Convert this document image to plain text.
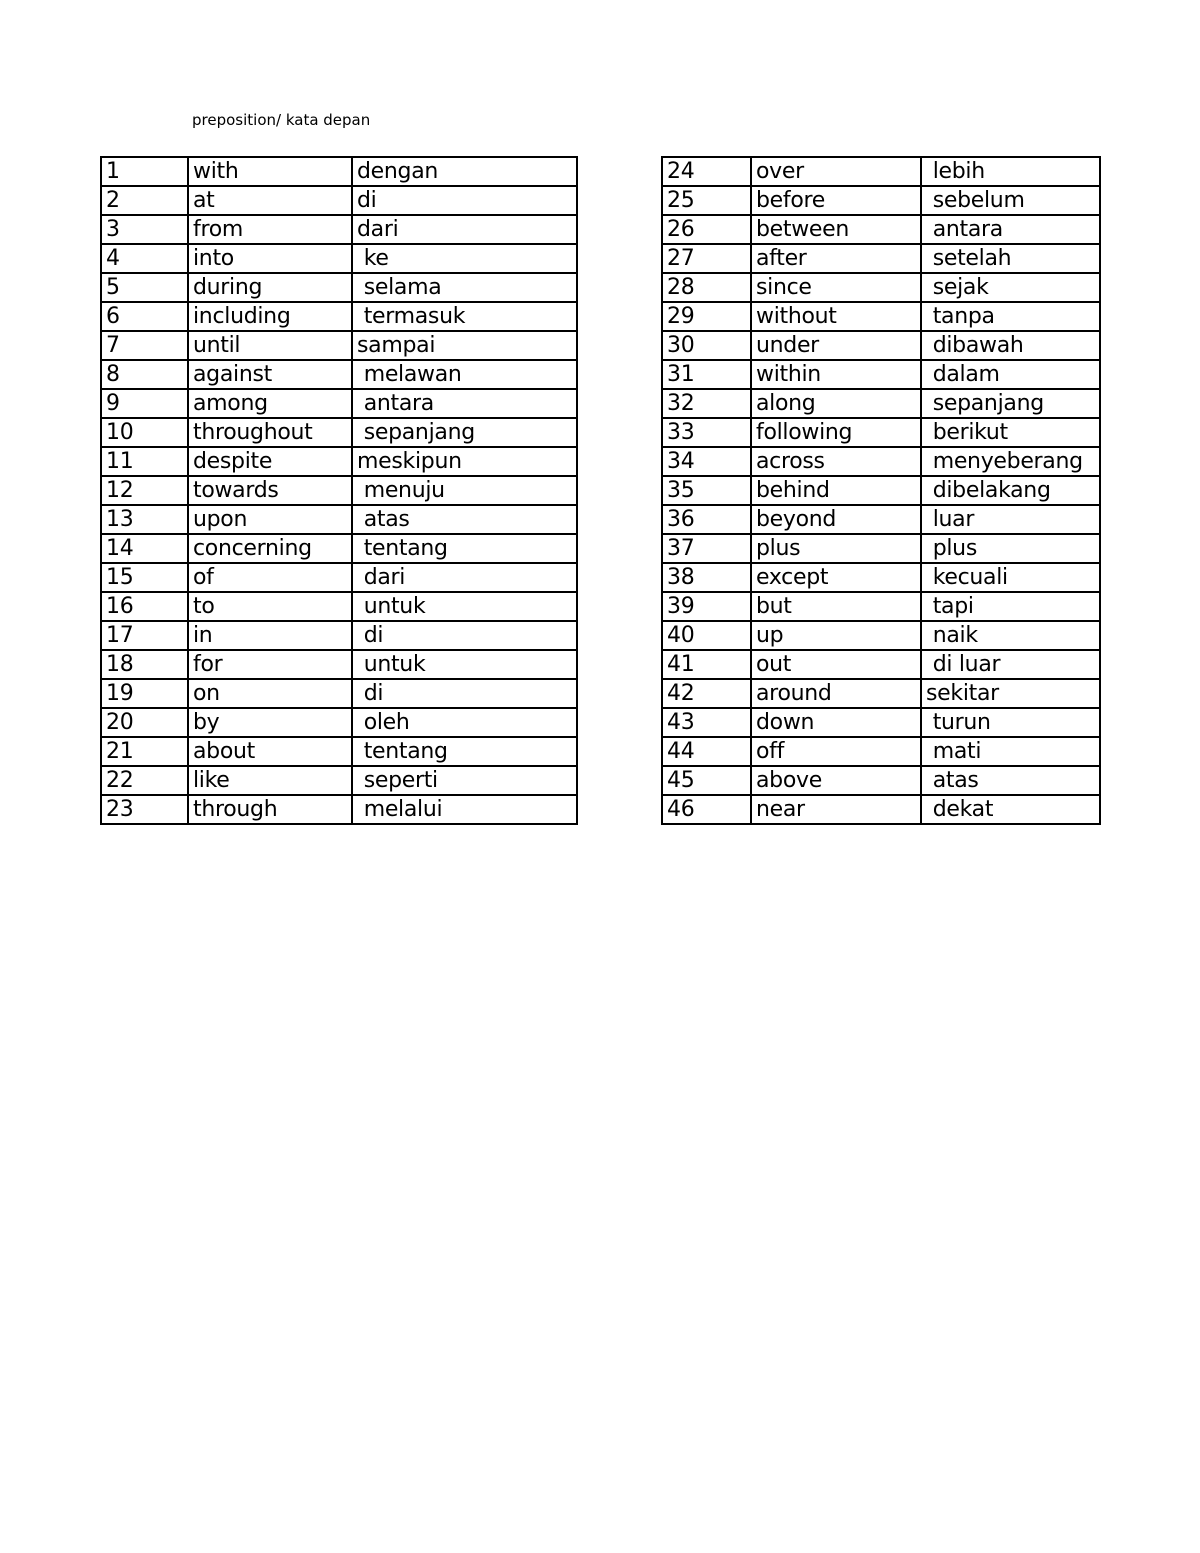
preposition/ kata depan
1	with	dengan
2	at	di
3	from	dari
4	into	ke
5	during	selama
6	including	termasuk
7	until	sampai
8	against	melawan
9	among	antara
10	throughout	sepanjang
11	despite	meskipun
12	towards	menuju
13	upon	atas
14	concerning	tentang
15	of	dari
16	to	untuk
17	in	di
18	for	untuk
19	on	di
20	by	oleh
21	about	tentang
22	like	seperti
23	through	melalui
24	over	lebih
25	before	sebelum
26	between	antara
27	after	setelah
28	since	sejak
29	without	tanpa
30	under	dibawah
31	within	dalam
32	along	sepanjang
33	following	berikut
34	across	menyeberang
35	behind	dibelakang
36	beyond	luar
37	plus	plus
38	except	kecuali
39	but	tapi
40	up	naik
41	out	di luar
42	around	sekitar
43	down	turun
44	off	mati
45	above	atas
46	near	dekat
